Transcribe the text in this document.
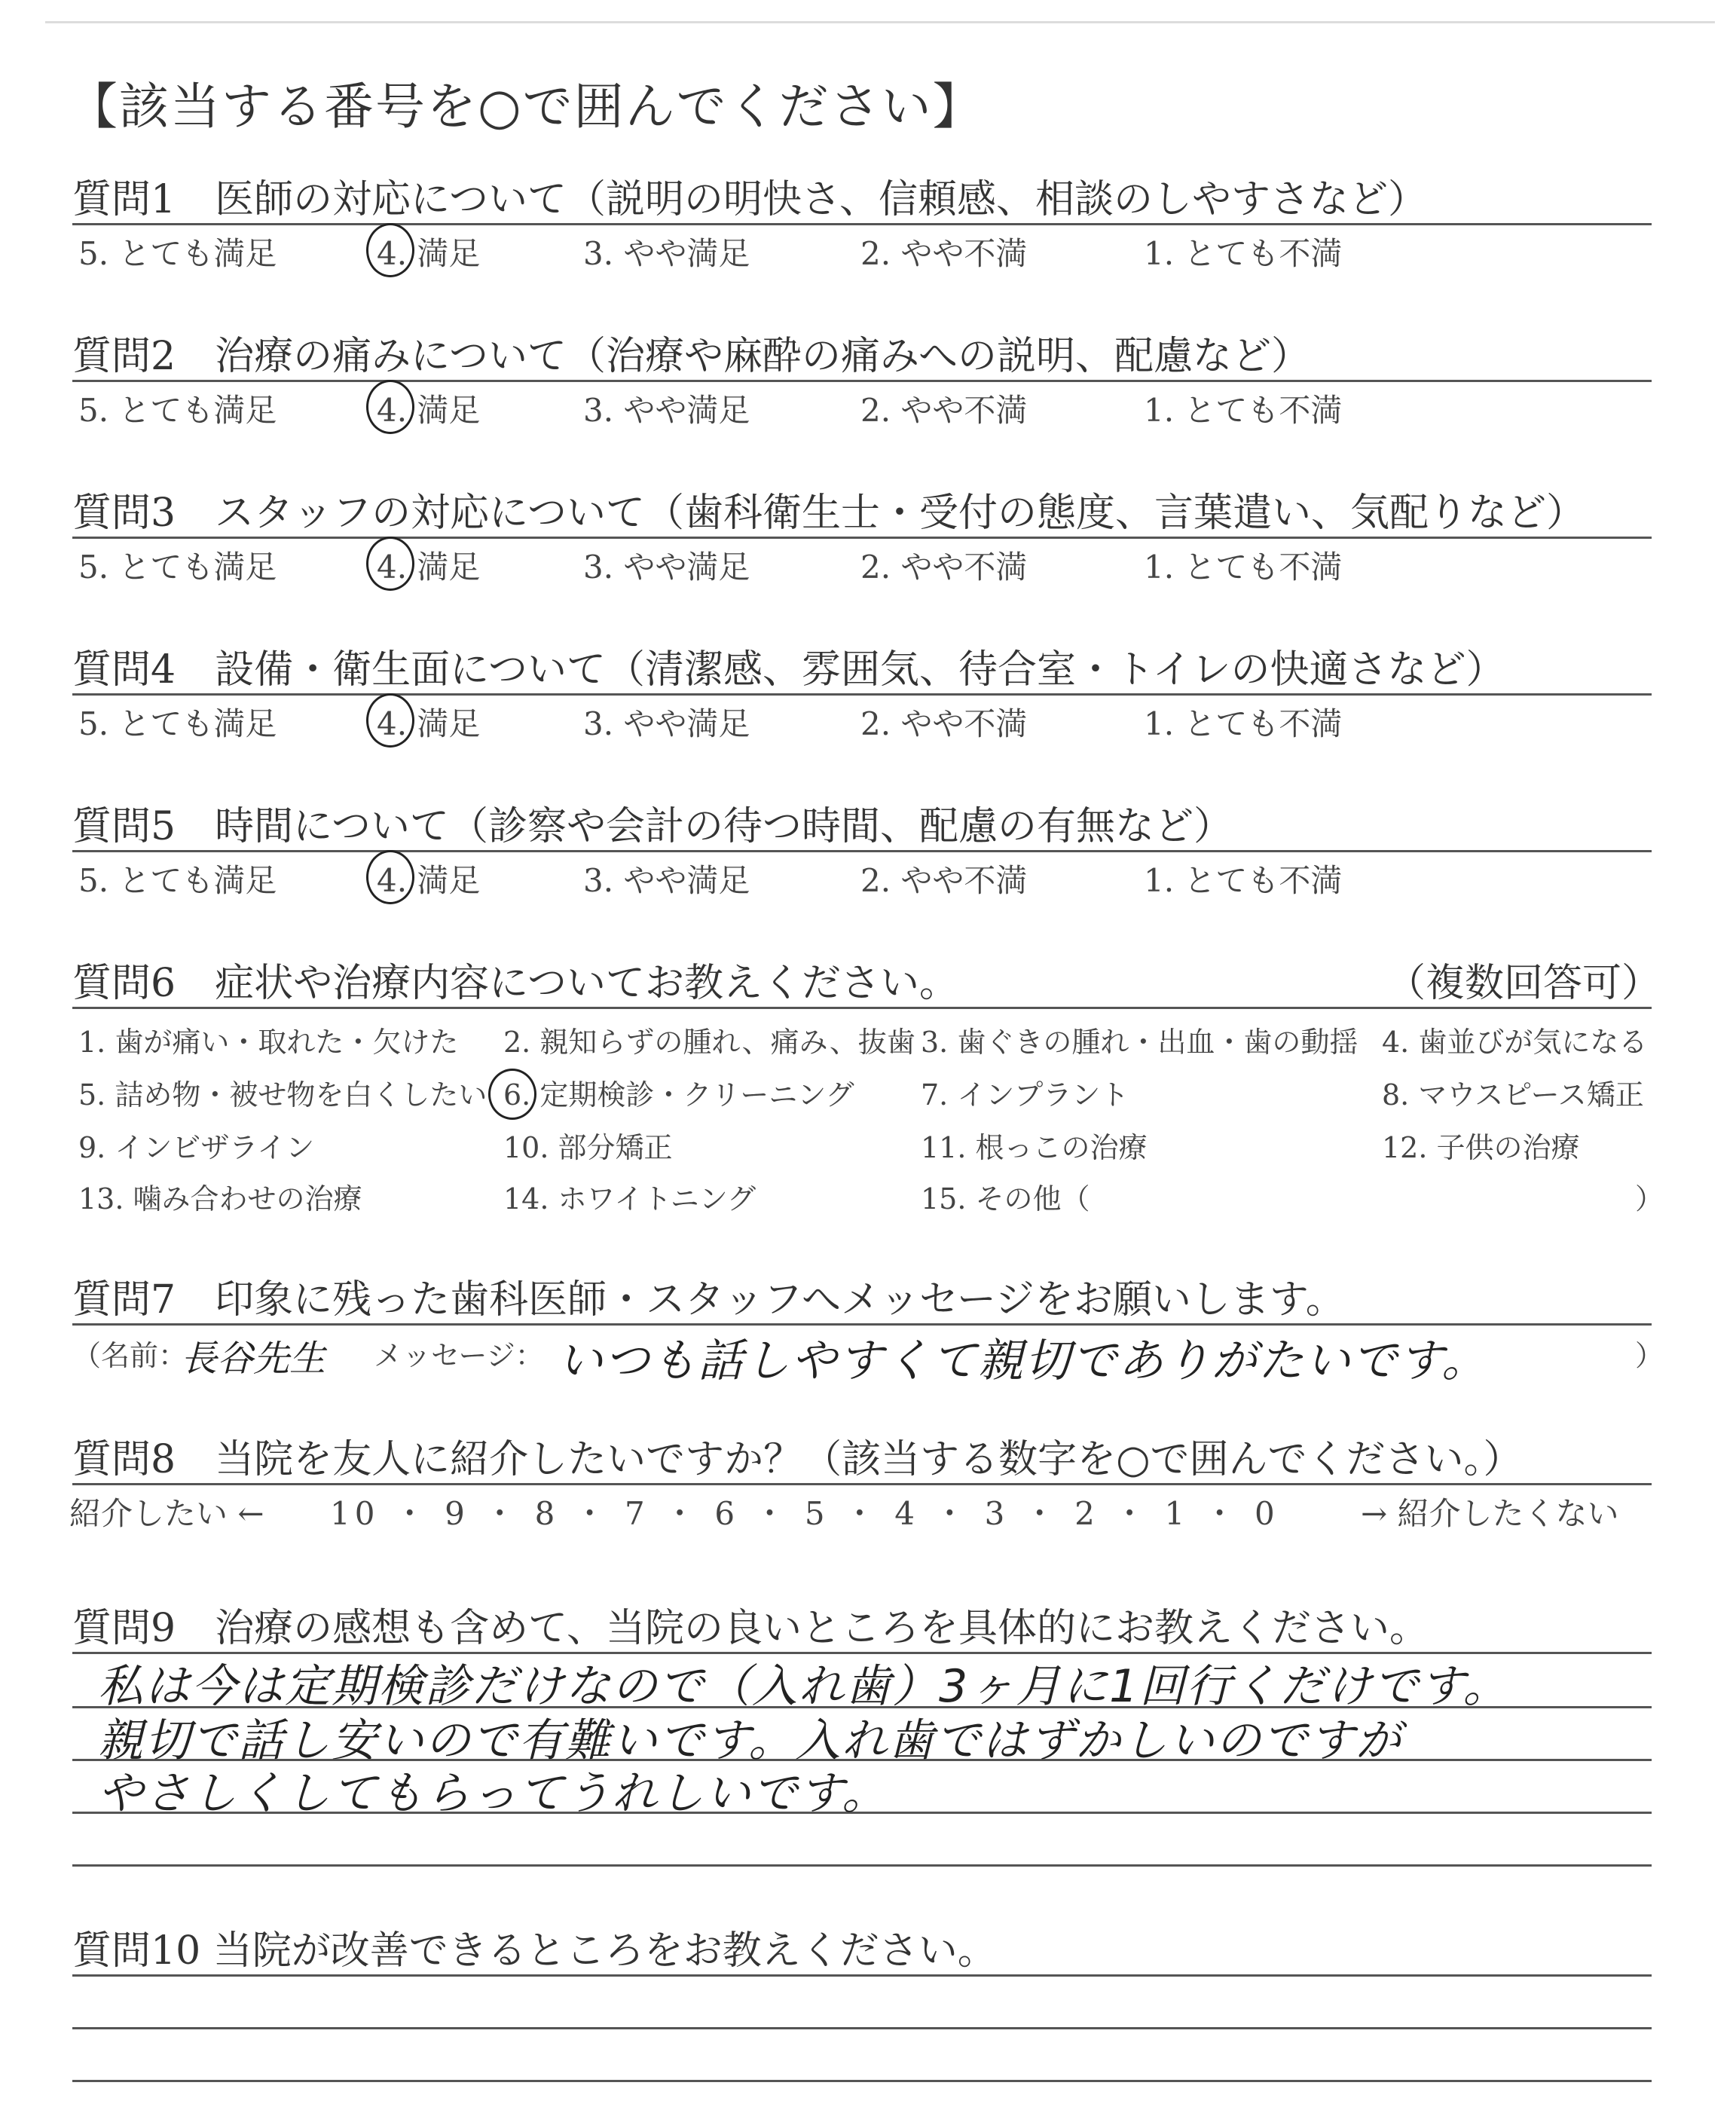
【該当する番号を○で囲んでください】
質問1　医師の対応について（説明の明快さ、信頼感、相談のしやすさなど）
5. とても満足	4. 満足	3. やや満足	2. やや不満	1. とても不満
質問2　治療の痛みについて（治療や麻酔の痛みへの説明、配慮など）
5. とても満足	4. 満足	3. やや満足	2. やや不満	1. とても不満
質問3　スタッフの対応について（歯科衛生士・受付の態度、言葉遣い、気配りなど）
5. とても満足	4. 満足	3. やや満足	2. やや不満	1. とても不満
質問4　設備・衛生面について（清潔感、雰囲気、待合室・トイレの快適さなど）
5. とても満足	4. 満足	3. やや満足	2. やや不満	1. とても不満
質問5　時間について（診察や会計の待つ時間、配慮の有無など）
5. とても満足	4. 満足	3. やや満足	2. やや不満	1. とても不満
質問6　症状や治療内容についてお教えください。	（複数回答可）
1. 歯が痛い・取れた・欠けた 2. 親知らずの腫れ、痛み、抜歯 3. 歯ぐきの腫れ・出血・歯の動揺 4. 歯並びが気になる
5. 詰め物・被せ物を白くしたい 6. 定期検診・クリーニング 7. インプラント	8. マウスピース矯正
9. インビザライン	10. 部分矯正	11. 根っこの治療	12. 子供の治療
13. 噛み合わせの治療	14. ホワイトニング	15. その他（	）
質問7　印象に残った歯科医師・スタッフへメッセージをお願いします。
（名前：
長谷先生 メッセージ： いつも話しやすくて親切でありがたいです。	）
質問8　当院を友人に紹介したいですか？（該当する数字を○で囲んでください。）
紹介したい ← 10 ・ 9 ・ 8 ・ 7 ・ 6 ・ 5 ・ 4 ・ 3 ・ 2 ・ 1 ・ 0	→ 紹介したくない
質問9　治療の感想も含めて、当院の良いところを具体的にお教えください。
私は今は定期検診だけなので（入れ歯）3ヶ月に1回行くだけです。
親切で話し安いので有難いです。入れ歯ではずかしいのですが
やさしくしてもらってうれしいです。
質問10 当院が改善できるところをお教えください。
